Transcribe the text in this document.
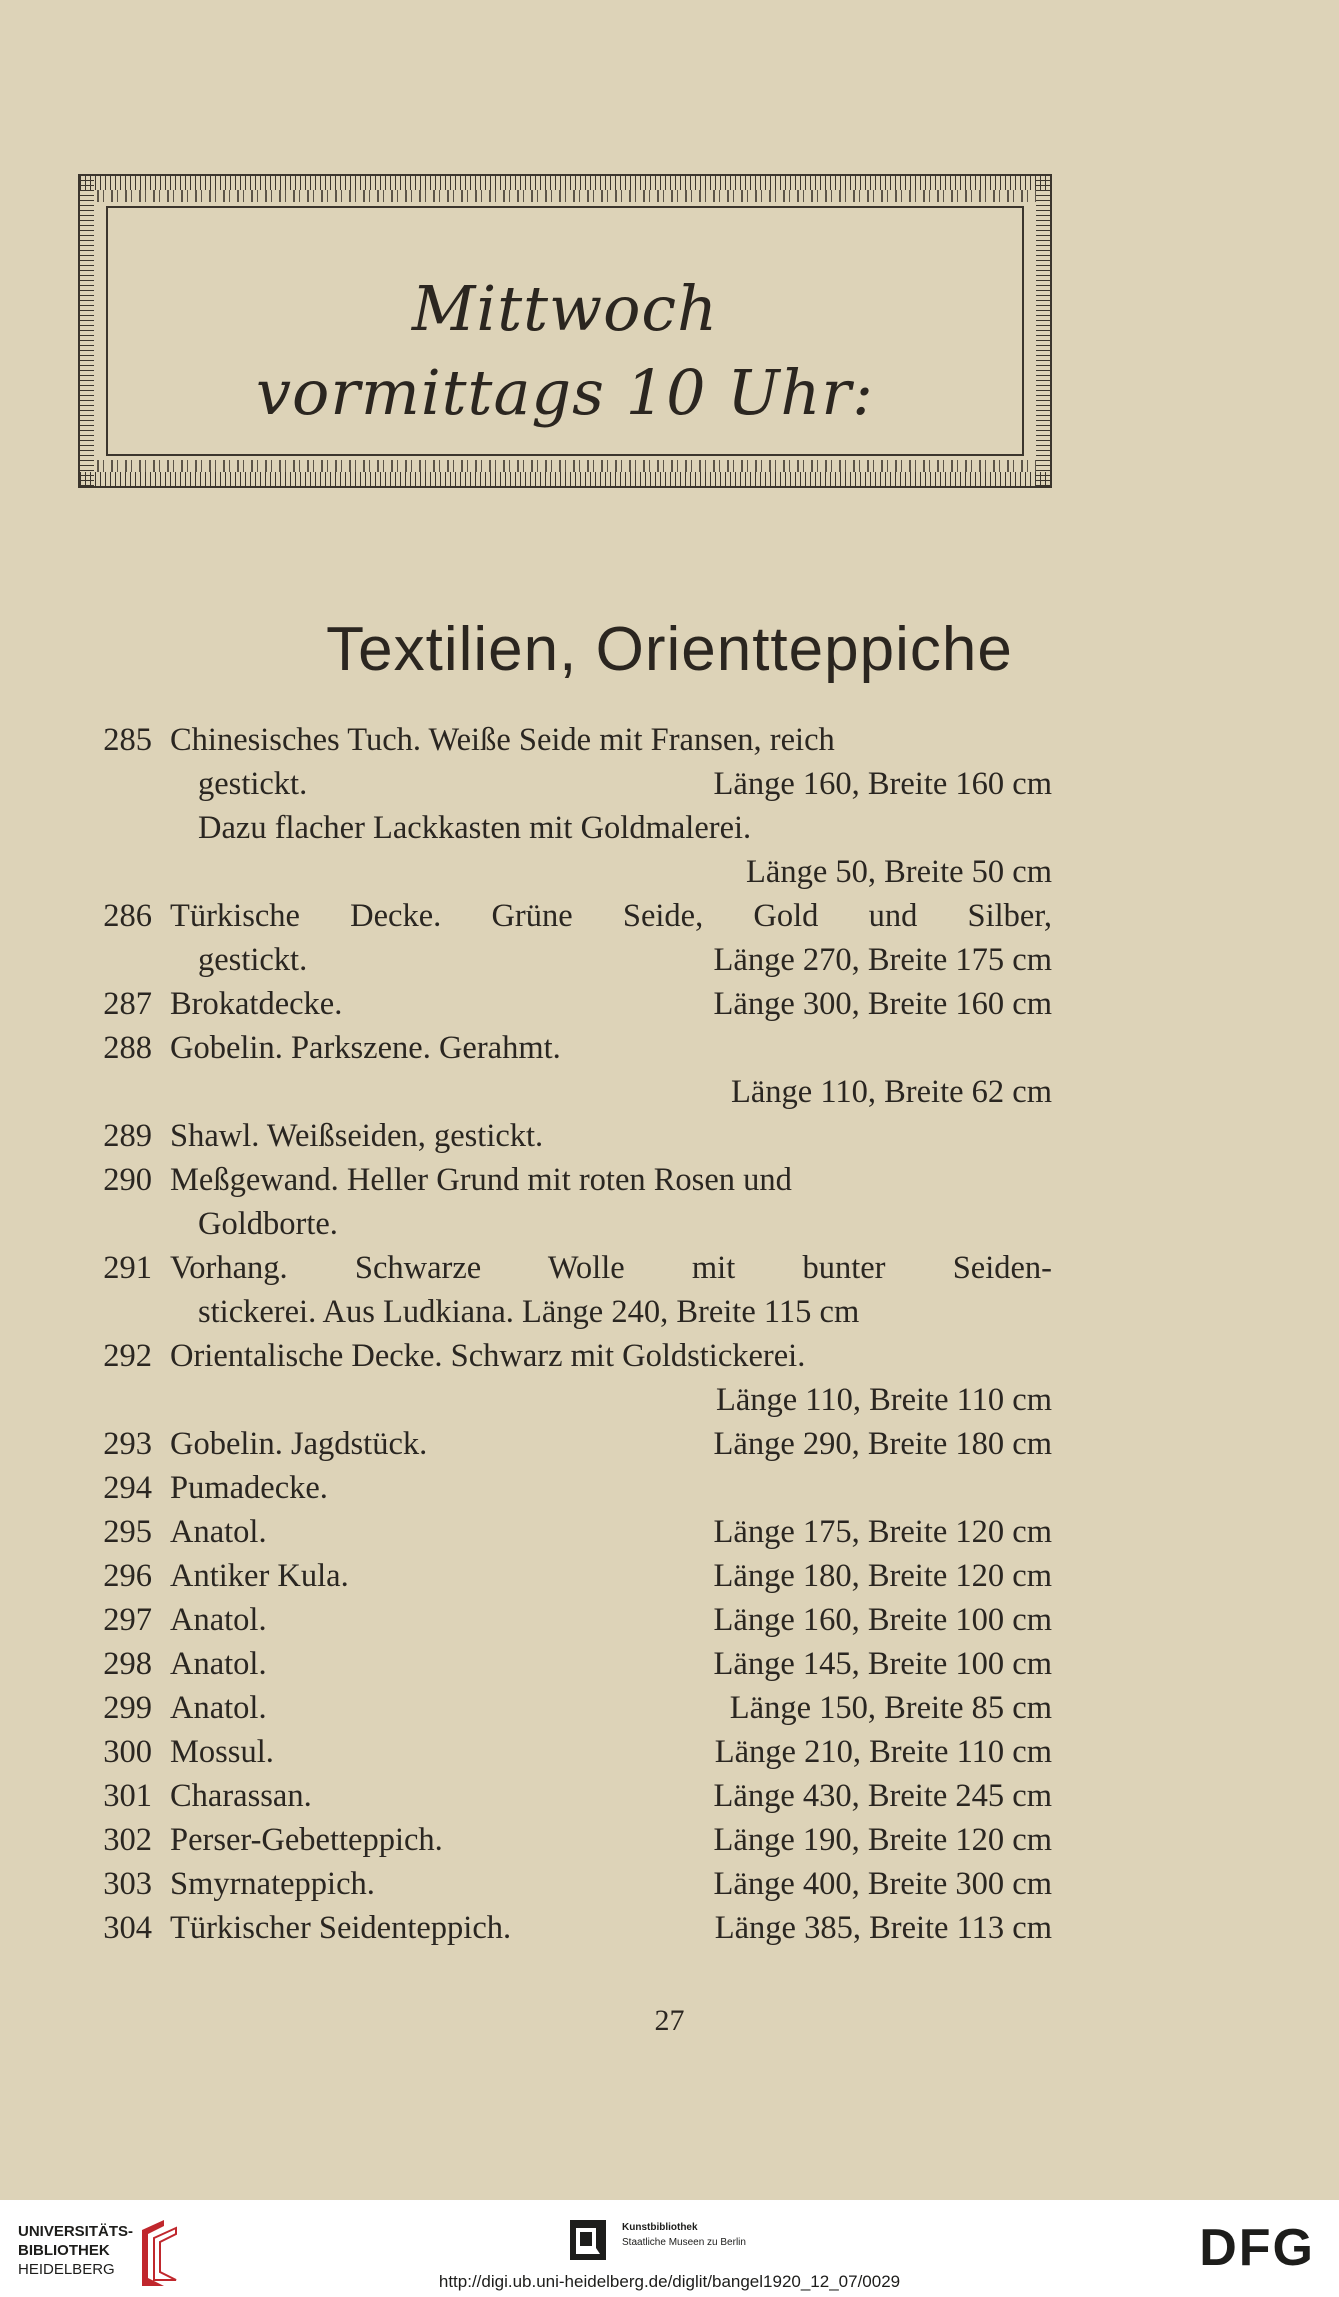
Mittwoch
vormittags 10 Uhr:
Textilien, Orientteppiche
285 Chinesisches Tuch. Weiße Seide mit Fransen, reich
gestickt.	Länge 160, Breite 160 cm
Dazu flacher Lackkasten mit Goldmalerei.
Länge 50, Breite 50 cm
286 Türkische Decke. Grüne Seide, Gold und Silber,
gestickt.	Länge 270, Breite 175 cm
287 Brokatdecke.	Länge 300, Breite 160 cm
288 Gobelin. Parkszene. Gerahmt.
Länge 110, Breite 62 cm
289 Shawl. Weißseiden, gestickt.
290 Meßgewand. Heller Grund mit roten Rosen und
Goldborte.
291 Vorhang. Schwarze Wolle mit bunter Seiden-
stickerei. Aus Ludkiana. Länge 240, Breite 115 cm
292 Orientalische Decke. Schwarz mit Goldstickerei.
Länge 110, Breite 110 cm
293 Gobelin. Jagdstück.	Länge 290, Breite 180 cm
294 Pumadecke.
295 Anatol.	Länge 175, Breite 120 cm
296 Antiker Kula.	Länge 180, Breite 120 cm
297 Anatol.	Länge 160, Breite 100 cm
298 Anatol.	Länge 145, Breite 100 cm
299 Anatol.	Länge 150, Breite 85 cm
300 Mossul.	Länge 210, Breite 110 cm
301 Charassan.	Länge 430, Breite 245 cm
302 Perser-Gebetteppich.	Länge 190, Breite 120 cm
303 Smyrnateppich.	Länge 400, Breite 300 cm
304 Türkischer Seidenteppich.	Länge 385, Breite 113 cm
27
UNIVERSITÄTS-
BIBLIOTHEK
HEIDELBERG
Kunstbibliothek
Staatliche Museen zu Berlin	DFG
http://digi.ub.uni-heidelberg.de/diglit/bangel1920_12_07/0029
